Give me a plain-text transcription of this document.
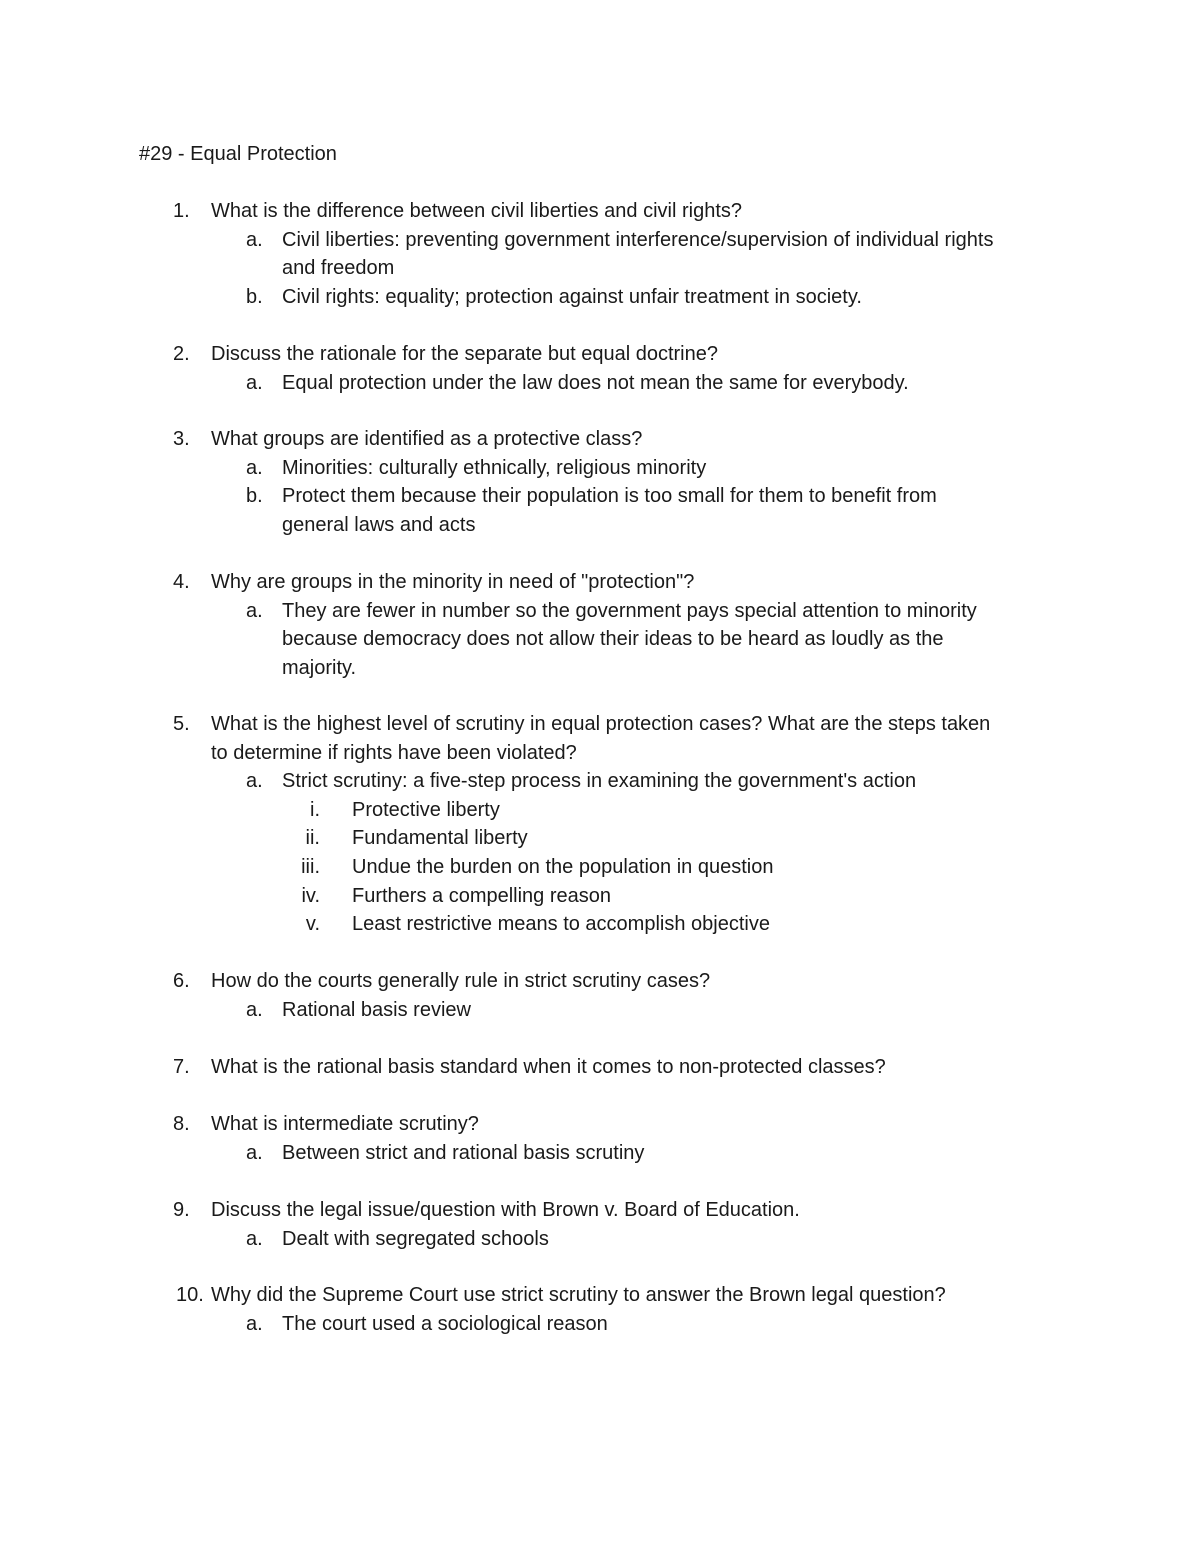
#29 - Equal Protection
1.	What is the difference between civil liberties and civil rights?
a. Civil liberties: preventing government interference/supervision of individual rights
and freedom
b. Civil rights: equality; protection against unfair treatment in society.
2.	Discuss the rationale for the separate but equal doctrine?
a. Equal protection under the law does not mean the same for everybody.
3.	What groups are identified as a protective class?
a. Minorities: culturally ethnically, religious minority
b. Protect them because their population is too small for them to benefit from
general laws and acts
4.	Why are groups in the minority in need of "protection"?
a. They are fewer in number so the government pays special attention to minority
because democracy does not allow their ideas to be heard as loudly as the
majority.
5.	What is the highest level of scrutiny in equal protection cases? What are the steps taken
to determine if rights have been violated?
a. Strict scrutiny: a five-step process in examining the government's action
i. Protective liberty
ii. Fundamental liberty
iii. Undue the burden on the population in question
iv. Furthers a compelling reason
v. Least restrictive means to accomplish objective
6.	How do the courts generally rule in strict scrutiny cases?
a. Rational basis review
7.	What is the rational basis standard when it comes to non-protected classes?
8.	What is intermediate scrutiny?
a. Between strict and rational basis scrutiny
9.	Discuss the legal issue/question with Brown v. Board of Education.
a. Dealt with segregated schools
10. Why did the Supreme Court use strict scrutiny to answer the Brown legal question?
a. The court used a sociological reason
